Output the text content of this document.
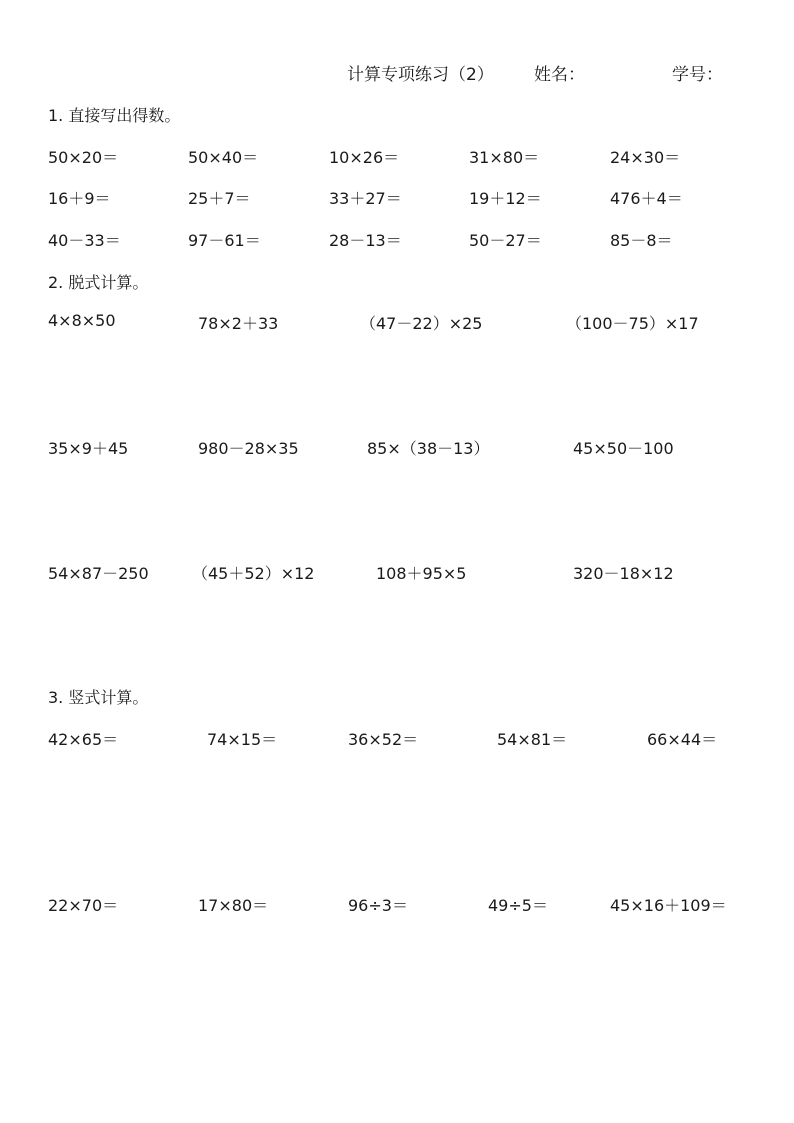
计算专项练习（2） 姓名：	学号：
1. 直接写出得数。
50×20＝	50×40＝	10×26＝	31×80＝	24×30＝
16＋9＝	25＋7＝	33＋27＝	19＋12＝	476＋4＝
40－33＝	97－61＝	28－13＝	50－27＝	85－8＝
2. 脱式计算。
4×8×50	78×2＋33	（47－22）×25	（100－75）×17
35×9＋45	980－28×35	85×（38－13）	45×50－100
54×87－250	（45＋52）×12	108＋95×5	320－18×12
3. 竖式计算。
42×65＝	74×15＝	36×52＝	54×81＝	66×44＝
22×70＝	17×80＝	96÷3＝	49÷5＝	45×16＋109＝
